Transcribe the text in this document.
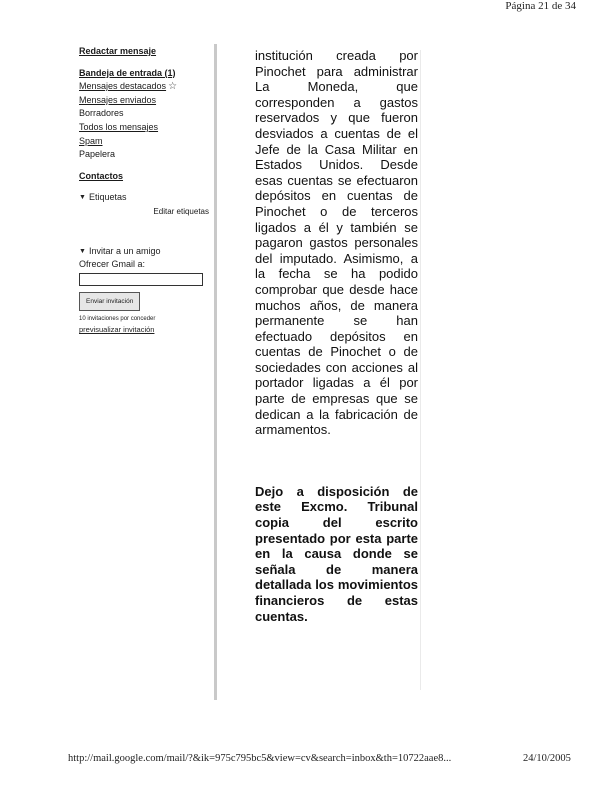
Página 21 de 34
Redactar mensaje
Bandeja de entrada (1)
Mensajes destacados ☆
Mensajes enviados
Borradores
Todos los mensajes
Spam
Papelera
Contactos
▼ Etiquetas
Editar etiquetas
▼ Invitar a un amigo
Ofrecer Gmail a:
Enviar invitación
10 invitaciones por conceder
previsualizar invitación

institución creada por Pinochet para administrar La Moneda, que corresponden a gastos reservados y que fueron desviados a cuentas de el Jefe de la Casa Militar en Estados Unidos. Desde esas cuentas se efectuaron depósitos en cuentas de Pinochet o de terceros ligados a él y también se pagaron gastos personales del imputado. Asimismo, a la fecha se ha podido comprobar que desde hace muchos años, de manera permanente se han efectuado depósitos en cuentas de Pinochet o de sociedades con acciones al portador ligadas a él por parte de empresas que se dedican a la fabricación de armamentos.

Dejo a disposición de este Excmo. Tribunal copia del escrito presentado por esta parte en la causa donde se señala de manera detallada los movimientos financieros de estas cuentas.

http://mail.google.com/mail/?&ik=975c795bc5&view=cv&search=inbox&th=10722aae8...	24/10/2005
